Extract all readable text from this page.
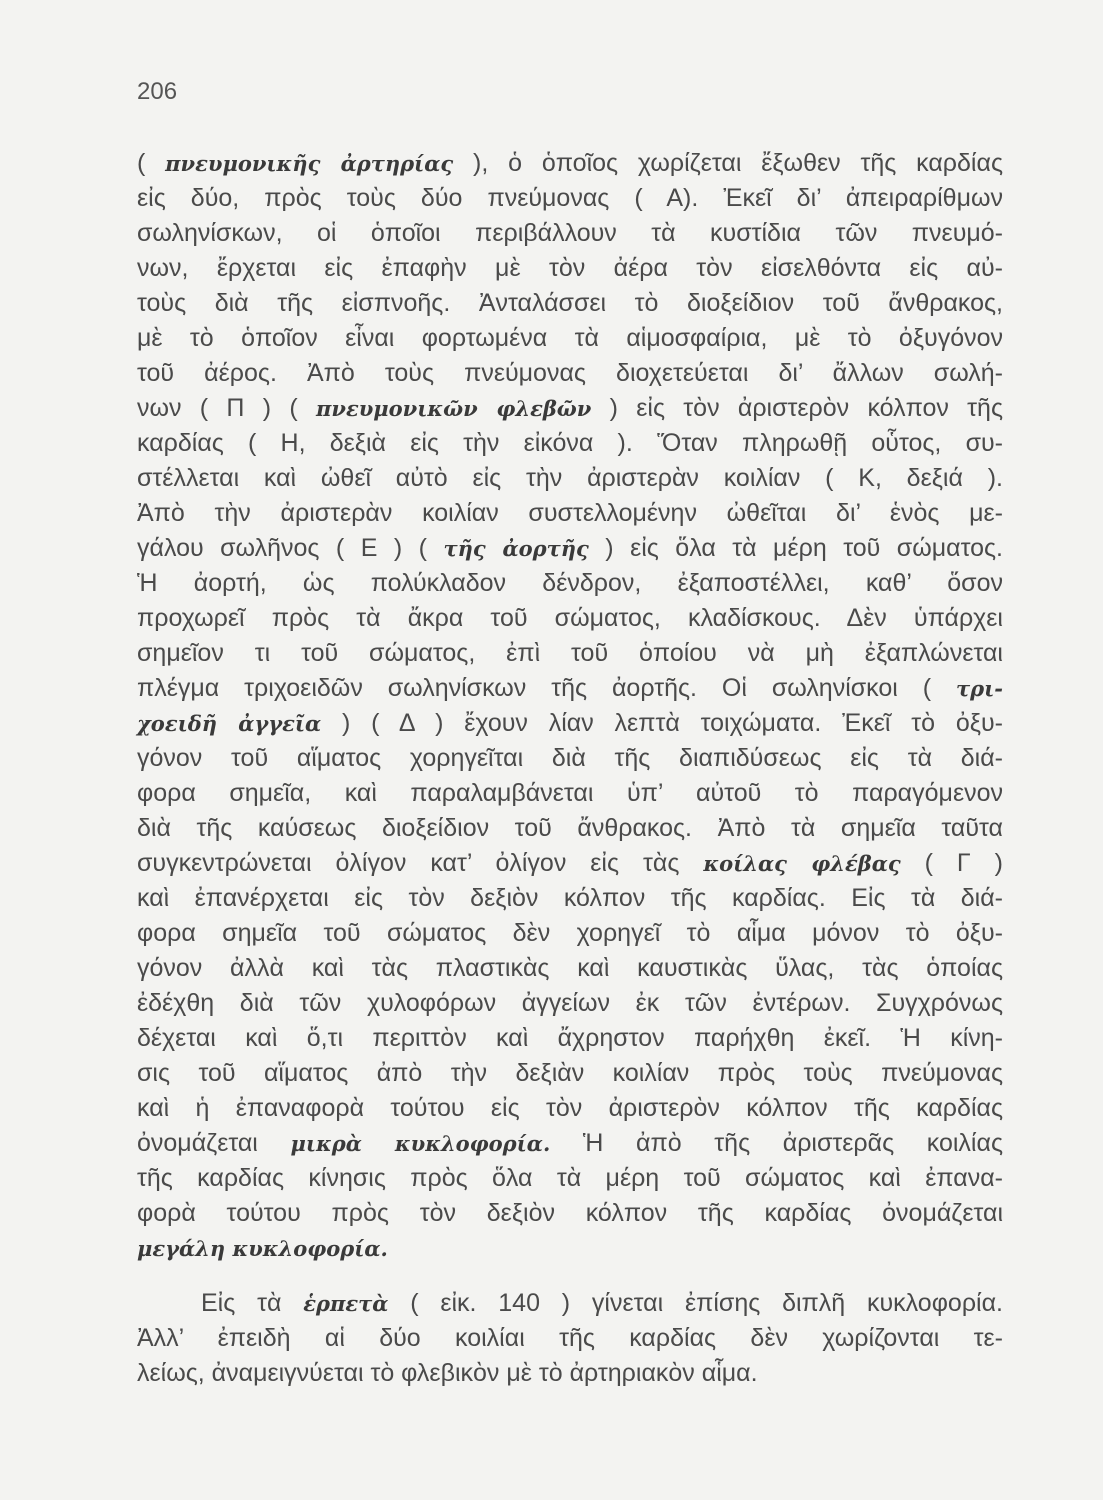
206
( πνευμονικῆς ἀρτηρίας ), ὁ ὁποῖος χωρίζεται ἔξωθεν τῆς καρδίας
εἰς δύο, πρὸς τοὺς δύο πνεύμονας ( Α). Ἐκεῖ δι’ ἀπειραρίθμων
σωληνίσκων, οἱ ὁποῖοι περιβάλλουν τὰ κυστίδια τῶν πνευμό-
νων, ἔρχεται εἰς ἐπαφὴν μὲ τὸν ἀέρα τὸν εἰσελθόντα εἰς αὐ-
τοὺς διὰ τῆς εἰσπνοῆς. Ἀνταλάσσει τὸ διοξείδιον τοῦ ἄνθρακος,
μὲ τὸ ὁποῖον εἶναι φορτωμένα τὰ αἱμοσφαίρια, μὲ τὸ ὀξυγόνον
τοῦ ἀέρος. Ἀπὸ τοὺς πνεύμονας διοχετεύεται δι’ ἄλλων σωλή-
νων ( Π ) ( πνευμονικῶν φλεβῶν ) εἰς τὸν ἀριστερὸν κόλπον τῆς
καρδίας ( Η, δεξιὰ εἰς τὴν εἰκόνα ). Ὅταν πληρωθῇ οὗτος, συ-
στέλλεται καὶ ὠθεῖ αὐτὸ εἰς τὴν ἀριστερὰν κοιλίαν ( Κ, δεξιά ).
Ἀπὸ τὴν ἀριστερὰν κοιλίαν συστελλομένην ὠθεῖται δι’ ἑνὸς με-
γάλου σωλῆνος ( Ε ) ( τῆς ἀορτῆς ) εἰς ὅλα τὰ μέρη τοῦ σώματος.
Ἡ ἀορτή, ὡς πολύκλαδον δένδρον, ἐξαποστέλλει, καθ’ ὅσον
προχωρεῖ πρὸς τὰ ἄκρα τοῦ σώματος, κλαδίσκους. Δὲν ὑπάρχει
σημεῖον τι τοῦ σώματος, ἐπὶ τοῦ ὁποίου νὰ μὴ ἐξαπλώνεται
πλέγμα τριχοειδῶν σωληνίσκων τῆς ἀορτῆς. Οἱ σωληνίσκοι ( τρι-
χοειδῆ ἀγγεῖα ) ( Δ ) ἔχουν λίαν λεπτὰ τοιχώματα. Ἐκεῖ τὸ ὀξυ-
γόνον τοῦ αἵματος χορηγεῖται διὰ τῆς διαπιδύσεως εἰς τὰ διά-
φορα σημεῖα, καὶ παραλαμβάνεται ὑπ’ αὐτοῦ τὸ παραγόμενον
διὰ τῆς καύσεως διοξείδιον τοῦ ἄνθρακος. Ἀπὸ τὰ σημεῖα ταῦτα
συγκεντρώνεται ὀλίγον κατ’ ὀλίγον εἰς τὰς κοίλας φλέβας ( Γ )
καὶ ἐπανέρχεται εἰς τὸν δεξιὸν κόλπον τῆς καρδίας. Εἰς τὰ διά-
φορα σημεῖα τοῦ σώματος δὲν χορηγεῖ τὸ αἷμα μόνον τὸ ὀξυ-
γόνον ἀλλὰ καὶ τὰς πλαστικὰς καὶ καυστικὰς ὕλας, τὰς ὁποίας
ἐδέχθη διὰ τῶν χυλοφόρων ἀγγείων ἐκ τῶν ἐντέρων. Συγχρόνως
δέχεται καὶ ὅ,τι περιττὸν καὶ ἄχρηστον παρήχθη ἐκεῖ. Ἡ κίνη-
σις τοῦ αἵματος ἀπὸ τὴν δεξιὰν κοιλίαν πρὸς τοὺς πνεύμονας
καὶ ἡ ἐπαναφορὰ τούτου εἰς τὸν ἀριστερὸν κόλπον τῆς καρδίας
ὀνομάζεται μικρὰ κυκλοφορία. Ἡ ἀπὸ τῆς ἀριστερᾶς κοιλίας
τῆς καρδίας κίνησις πρὸς ὅλα τὰ μέρη τοῦ σώματος καὶ ἐπανα-
φορὰ τούτου πρὸς τὸν δεξιὸν κόλπον τῆς καρδίας ὀνομάζεται
μεγάλη κυκλοφορία.
Εἰς τὰ ἑρπετὰ ( εἰκ. 140 ) γίνεται ἐπίσης διπλῆ κυκλοφορία.
Ἀλλ’ ἐπειδὴ αἱ δύο κοιλίαι τῆς καρδίας δὲν χωρίζονται τε-
λείως, ἀναμειγνύεται τὸ φλεβικὸν μὲ τὸ ἀρτηριακὸν αἷμα.
